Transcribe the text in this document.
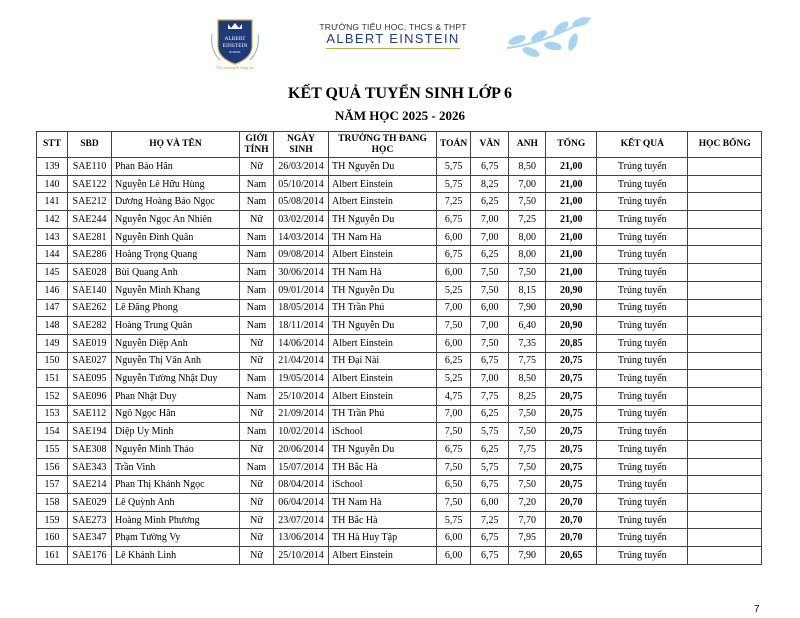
ALBERT
EINSTEIN
SCHOOL
Yêu thương & Sáng tạo
TRƯỜNG TIỂU HỌC, THCS & THPT
ALBERT EINSTEIN
KẾT QUẢ TUYỂN SINH LỚP 6
NĂM HỌC 2025 - 2026
STT	SBD	HỌ VÀ TÊN	GIỚI TÍNH	NGÀY SINH	TRƯỜNG TH ĐANG HỌC	TOÁN	VĂN	ANH	TỔNG	KẾT QUẢ	HỌC BỔNG
139	SAE110	Phan Bảo Hân	Nữ	26/03/2014	TH Nguyễn Du	5,75	6,75	8,50	21,00	Trúng tuyển	
140	SAE122	Nguyễn Lê Hữu Hùng	Nam	05/10/2014	Albert Einstein	5,75	8,25	7,00	21,00	Trúng tuyển	
141	SAE212	Dương Hoàng Bảo Ngọc	Nam	05/08/2014	Albert Einstein	7,25	6,25	7,50	21,00	Trúng tuyển	
142	SAE244	Nguyễn Ngọc An Nhiên	Nữ	03/02/2014	TH Nguyễn Du	6,75	7,00	7,25	21,00	Trúng tuyển	
143	SAE281	Nguyễn Đình Quân	Nam	14/03/2014	TH Nam Hà	6,00	7,00	8,00	21,00	Trúng tuyển	
144	SAE286	Hoàng Trọng Quang	Nam	09/08/2014	Albert Einstein	6,75	6,25	8,00	21,00	Trúng tuyển	
145	SAE028	Bùi Quang Anh	Nam	30/06/2014	TH Nam Hà	6,00	7,50	7,50	21,00	Trúng tuyển	
146	SAE140	Nguyễn Minh Khang	Nam	09/01/2014	TH Nguyễn Du	5,25	7,50	8,15	20,90	Trúng tuyển	
147	SAE262	Lê Đăng Phong	Nam	18/05/2014	TH Trần Phú	7,00	6,00	7,90	20,90	Trúng tuyển	
148	SAE282	Hoàng Trung Quân	Nam	18/11/2014	TH Nguyễn Du	7,50	7,00	6,40	20,90	Trúng tuyển	
149	SAE019	Nguyễn Diệp Anh	Nữ	14/06/2014	Albert Einstein	6,00	7,50	7,35	20,85	Trúng tuyển	
150	SAE027	Nguyễn Thị Vân Anh	Nữ	21/04/2014	TH Đại Nài	6,25	6,75	7,75	20,75	Trúng tuyển	
151	SAE095	Nguyễn Tường Nhật Duy	Nam	19/05/2014	Albert Einstein	5,25	7,00	8,50	20,75	Trúng tuyển	
152	SAE096	Phan Nhật Duy	Nam	25/10/2014	Albert Einstein	4,75	7,75	8,25	20,75	Trúng tuyển	
153	SAE112	Ngô Ngọc Hân	Nữ	21/09/2014	TH Trần Phú	7,00	6,25	7,50	20,75	Trúng tuyển	
154	SAE194	Diệp Uy Minh	Nam	10/02/2014	iSchool	7,50	5,75	7,50	20,75	Trúng tuyển	
155	SAE308	Nguyễn Minh Thảo	Nữ	20/06/2014	TH Nguyễn Du	6,75	6,25	7,75	20,75	Trúng tuyển	
156	SAE343	Trần Vinh	Nam	15/07/2014	TH Bắc Hà	7,50	5,75	7,50	20,75	Trúng tuyển	
157	SAE214	Phan Thị Khánh Ngọc	Nữ	08/04/2014	iSchool	6,50	6,75	7,50	20,75	Trúng tuyển	
158	SAE029	Lê Quỳnh Anh	Nữ	06/04/2014	TH Nam Hà	7,50	6,00	7,20	20,70	Trúng tuyển	
159	SAE273	Hoàng Minh Phương	Nữ	23/07/2014	TH Bắc Hà	5,75	7,25	7,70	20,70	Trúng tuyển	
160	SAE347	Phạm Tường Vy	Nữ	13/06/2014	TH Hà Huy Tập	6,00	6,75	7,95	20,70	Trúng tuyển	
161	SAE176	Lê Khánh Linh	Nữ	25/10/2014	Albert Einstein	6,00	6,75	7,90	20,65	Trúng tuyển	
7
